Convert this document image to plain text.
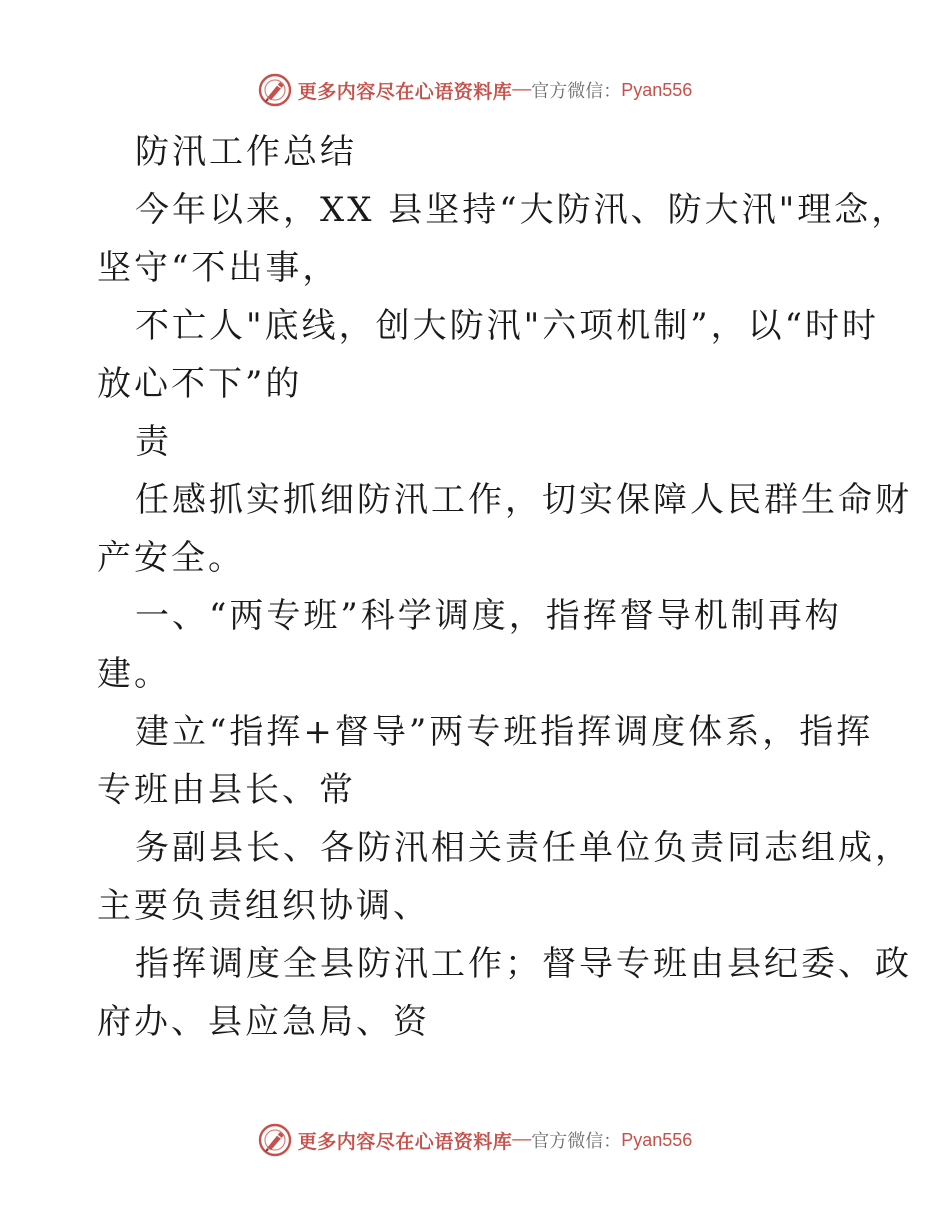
更多内容尽在心语资料库 — 官方微信： Pyan556
防汛工作总结
今年以来，XX 县坚持“大防汛、防大汛"理念，
坚守“不出事，
不亡人"底线，创大防汛"六项机制”，以“时时
放心不下”的
责
任感抓实抓细防汛工作，切实保障人民群生命财
产安全。
一、“两专班”科学调度，指挥督导机制再构
建。
建立“指挥+督导”两专班指挥调度体系，指挥
专班由县长、常
务副县长、各防汛相关责任单位负责同志组成，
主要负责组织协调、
指挥调度全县防汛工作；督导专班由县纪委、政
府办、县应急局、资
更多内容尽在心语资料库 — 官方微信： Pyan556
